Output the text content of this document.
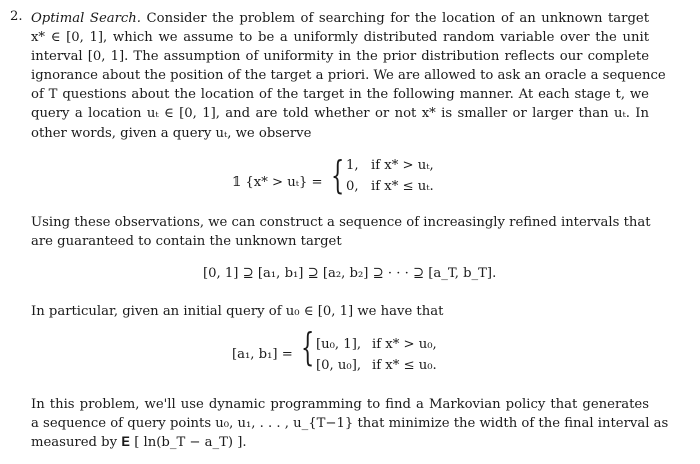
2. Optimal Search. Consider the problem of searching for the location of an unknown target
x* ∈ [0, 1], which we assume to be a uniformly distributed random variable over the unit
interval [0, 1]. The assumption of uniformity in the prior distribution reflects our complete
ignorance about the position of the target a priori. We are allowed to ask an oracle a sequence
of T questions about the location of the target in the following manner. At each stage t, we
query a location uₜ ∈ [0, 1], and are told whether or not x* is smaller or larger than uₜ. In
other words, given a query uₜ, we observe
𝟙 {x* > uₜ} = { 1, if x* > uₜ,
0, if x* ≤ uₜ.
Using these observations, we can construct a sequence of increasingly refined intervals that
are guaranteed to contain the unknown target
[0, 1] ⊇ [a₁, b₁] ⊇ [a₂, b₂] ⊇ · · · ⊇ [a_T, b_T].
In particular, given an initial query of u₀ ∈ [0, 1] we have that
[a₁, b₁] = { [u₀, 1], if x* > u₀,
[0, u₀], if x* ≤ u₀.
In this problem, we'll use dynamic programming to find a Markovian policy that generates
a sequence of query points u₀, u₁, . . . , u_{T−1} that minimize the width of the final interval as
measured by 𝐄 [ ln(b_T − a_T) ].
